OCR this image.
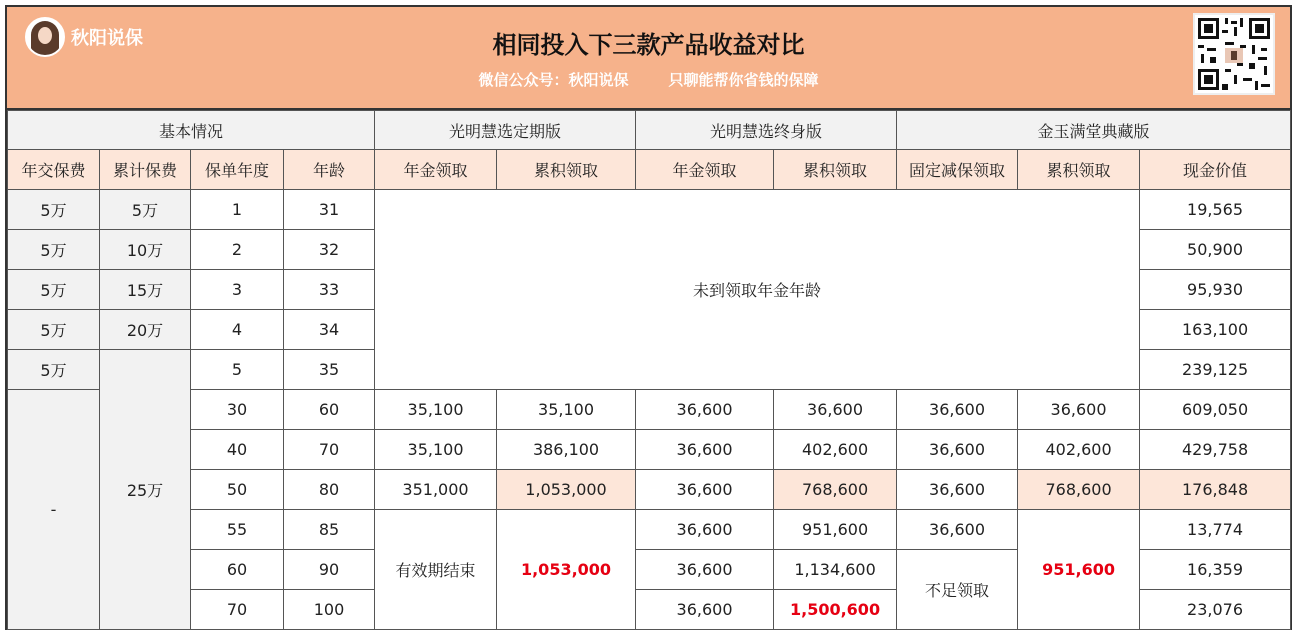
秋阳说保	相同投入下三款产品收益对比
微信公众号：秋阳说保	只聊能帮你省钱的保障
基本情况				光明慧选定期版		光明慧选终身版		金玉满堂典藏版		
年交保费	累计保费	保单年度	年龄	年金领取	累积领取	年金领取	累积领取	固定减保领取	累积领取	现金价值
5万	5万	1	31	未到领取年金年龄						19,565
5万	10万	2	32							50,900
5万	15万	3	33							95,930
5万	20万	4	34							163,100
5万	25万	5	35							239,125
-		30	60	35,100	35,100	36,600	36,600	36,600	36,600	609,050
		40	70	35,100	386,100	36,600	402,600	36,600	402,600	429,758
		50	80	351,000	1,053,000	36,600	768,600	36,600	768,600	176,848
		55	85	有效期结束	1,053,000	36,600	951,600	36,600	951,600	13,774
		60	90			36,600	1,134,600	不足领取		16,359
		70	100			36,600	1,500,600			23,076
